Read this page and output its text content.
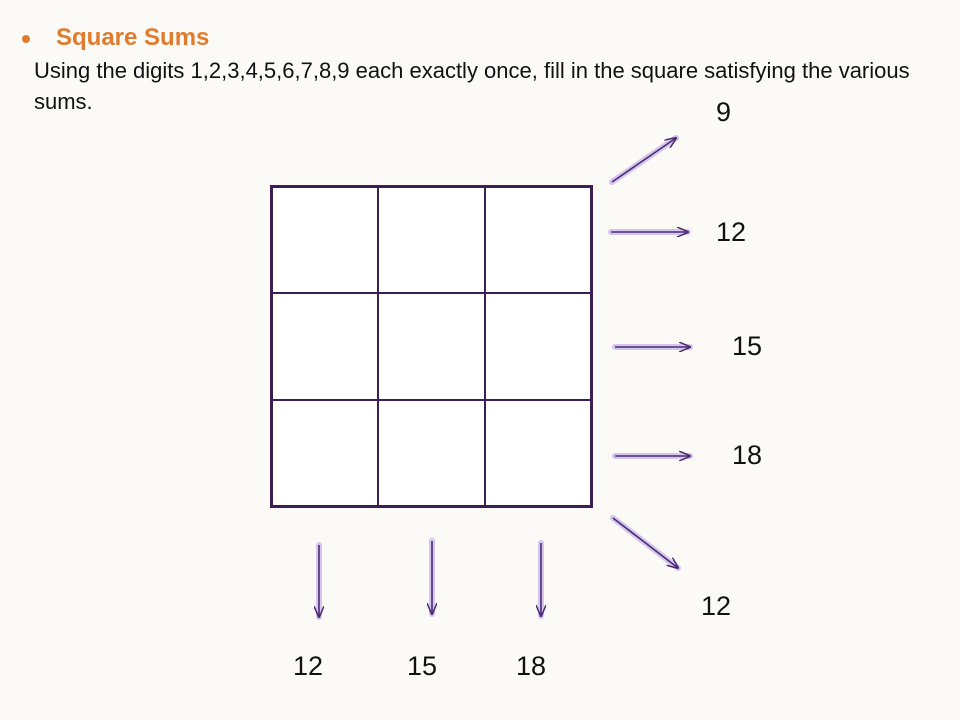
Square Sums
Using the digits 1,2,3,4,5,6,7,8,9 each exactly once, fill in the square satisfying the various sums.	9
12
15
18
12
12	15	18
